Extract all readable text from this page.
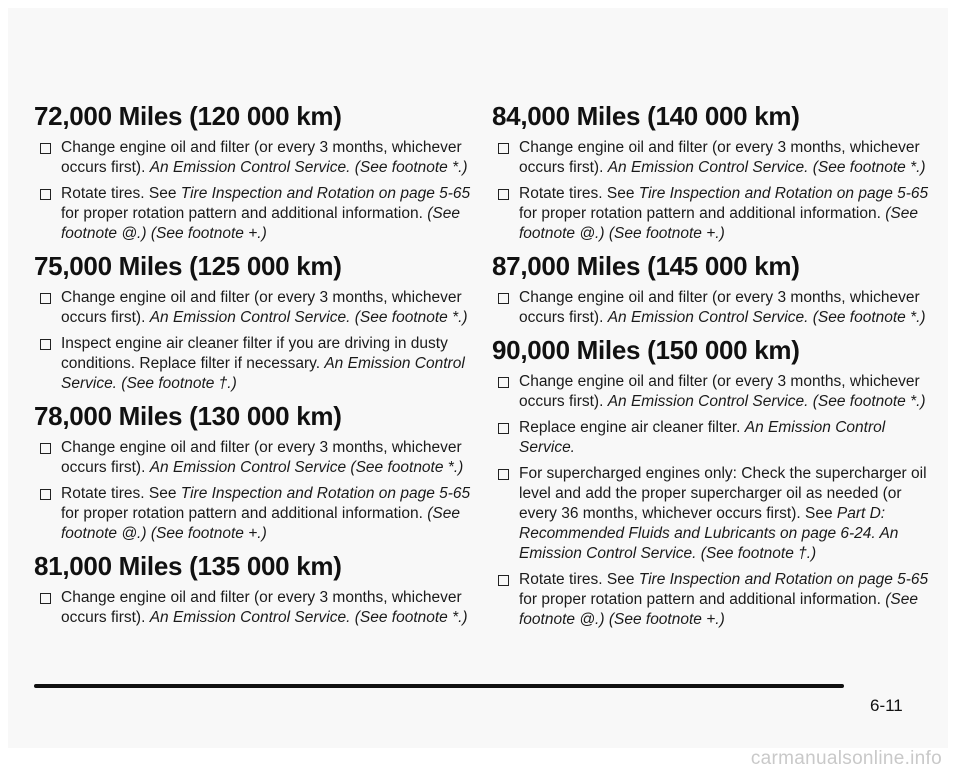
72,000 Miles (120 000 km)
Change engine oil and filter (or every 3 months, whichever occurs first). An Emission Control Service. (See footnote *.)
Rotate tires. See Tire Inspection and Rotation on page 5-65 for proper rotation pattern and additional information. (See footnote @.) (See footnote +.)
75,000 Miles (125 000 km)
Change engine oil and filter (or every 3 months, whichever occurs first). An Emission Control Service. (See footnote *.)
Inspect engine air cleaner filter if you are driving in dusty conditions. Replace filter if necessary. An Emission Control Service. (See footnote †.)
78,000 Miles (130 000 km)
Change engine oil and filter (or every 3 months, whichever occurs first). An Emission Control Service (See footnote *.)
Rotate tires. See Tire Inspection and Rotation on page 5-65 for proper rotation pattern and additional information. (See footnote @.) (See footnote +.)
81,000 Miles (135 000 km)
Change engine oil and filter (or every 3 months, whichever occurs first). An Emission Control Service. (See footnote *.)
84,000 Miles (140 000 km)
Change engine oil and filter (or every 3 months, whichever occurs first). An Emission Control Service. (See footnote *.)
Rotate tires. See Tire Inspection and Rotation on page 5-65 for proper rotation pattern and additional information. (See footnote @.) (See footnote +.)
87,000 Miles (145 000 km)
Change engine oil and filter (or every 3 months, whichever occurs first). An Emission Control Service. (See footnote *.)
90,000 Miles (150 000 km)
Change engine oil and filter (or every 3 months, whichever occurs first). An Emission Control Service. (See footnote *.)
Replace engine air cleaner filter. An Emission Control Service.
For supercharged engines only: Check the supercharger oil level and add the proper supercharger oil as needed (or every 36 months, whichever occurs first). See Part D: Recommended Fluids and Lubricants on page 6-24. An Emission Control Service. (See footnote †.)
Rotate tires. See Tire Inspection and Rotation on page 5-65 for proper rotation pattern and additional information. (See footnote @.) (See footnote +.)
6-11
carmanualsonline.info
